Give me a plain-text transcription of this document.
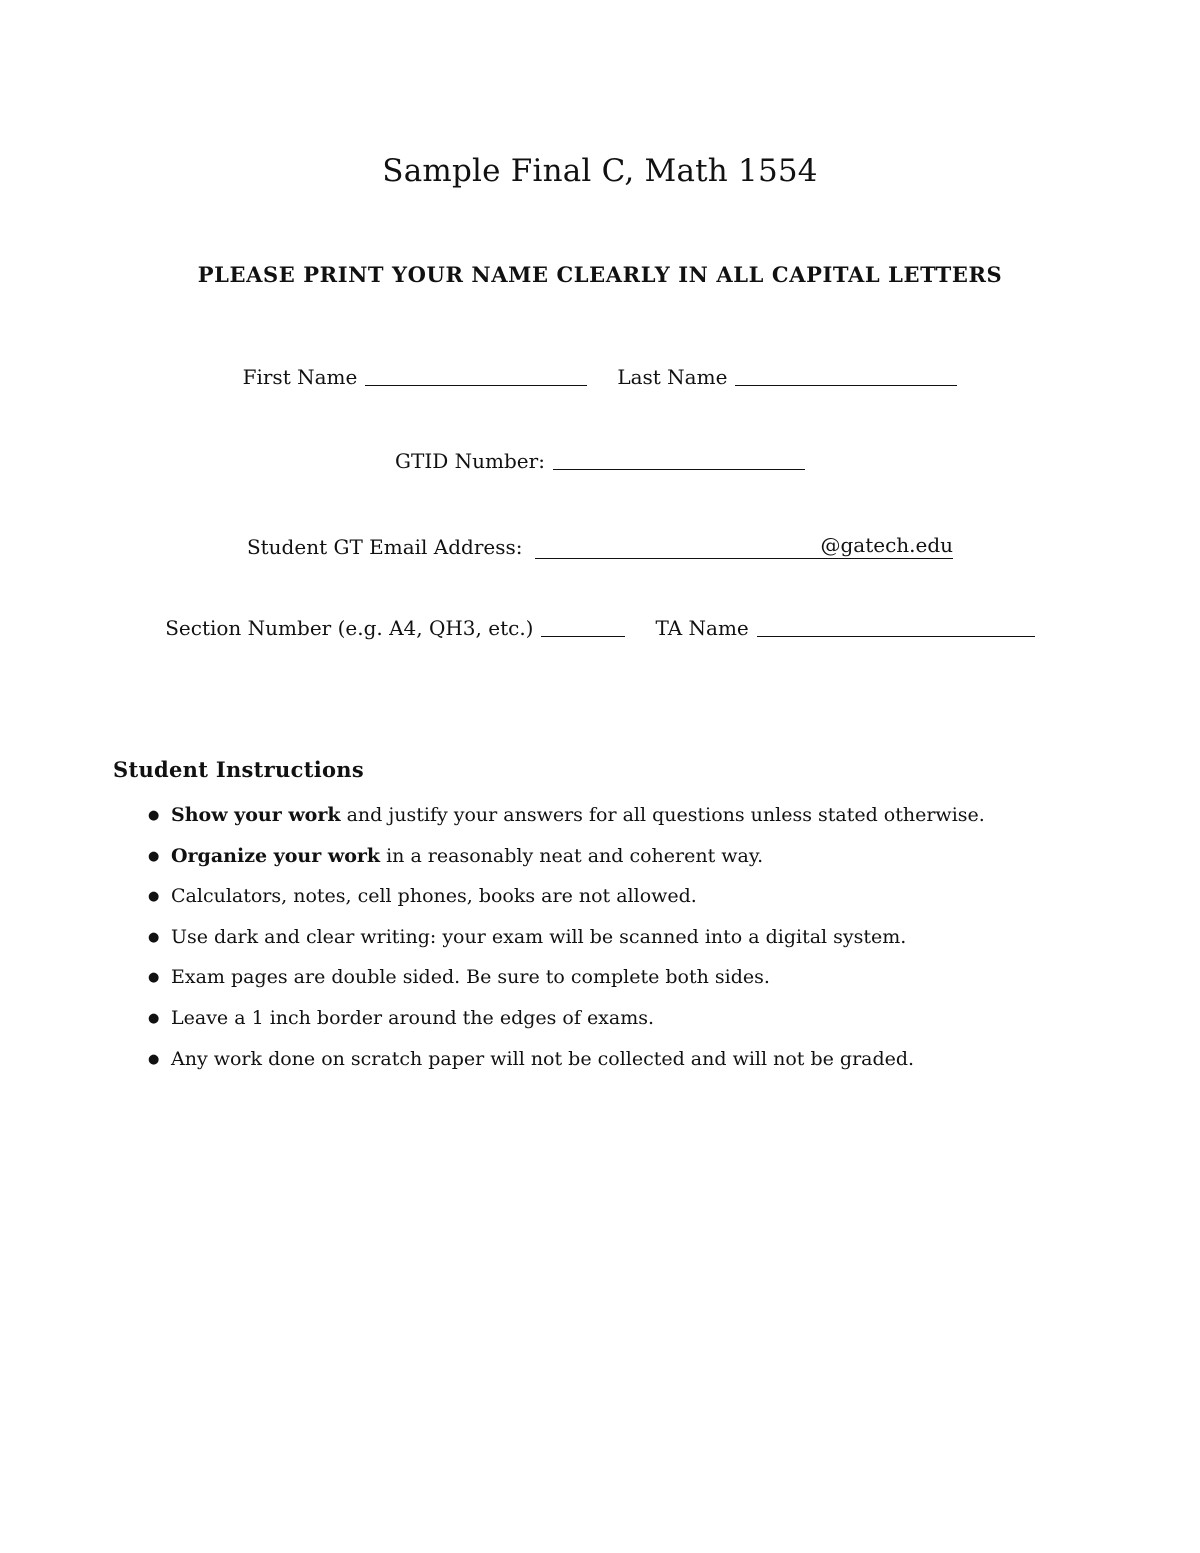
Sample Final C, Math 1554
PLEASE PRINT YOUR NAME CLEARLY IN ALL CAPITAL LETTERS
First Name	Last Name
GTID Number:
Student GT Email Address:	@gatech.edu
Section Number (e.g. A4, QH3, etc.)	TA Name
Student Instructions
● Show your work and justify your answers for all questions unless stated otherwise.
● Organize your work in a reasonably neat and coherent way.
● Calculators, notes, cell phones, books are not allowed.
● Use dark and clear writing: your exam will be scanned into a digital system.
● Exam pages are double sided. Be sure to complete both sides.
● Leave a 1 inch border around the edges of exams.
● Any work done on scratch paper will not be collected and will not be graded.
